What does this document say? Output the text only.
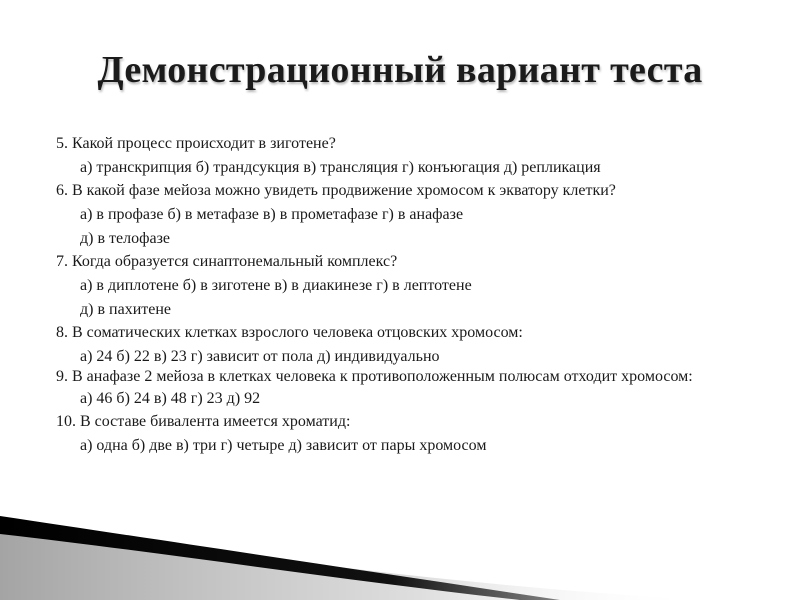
Демонстрационный вариант теста
5. Какой процесс происходит в зиготене?
а) транскрипция б) трандсукция в) трансляция г) конъюгация д) репликация
6. В какой фазе мейоза можно увидеть продвижение хромосом к экватору клетки?
а) в профазе б) в метафазе в) в прометафазе г) в анафазе
д) в телофазе
7. Когда образуется синаптонемальный комплекс?
а) в диплотене б) в зиготене в) в диакинезе г) в лептотене
д) в пахитене
8. В соматических клетках взрослого человека отцовских хромосом:
а) 24 б) 22 в) 23 г) зависит от пола д) индивидуально
9. В анафазе 2 мейоза в клетках человека к противоположенным полюсам отходит хромосом:
а) 46 б) 24 в) 48 г) 23 д) 92
10. В составе бивалента имеется хроматид:
а) одна б) две в) три г) четыре д) зависит от пары хромосом
